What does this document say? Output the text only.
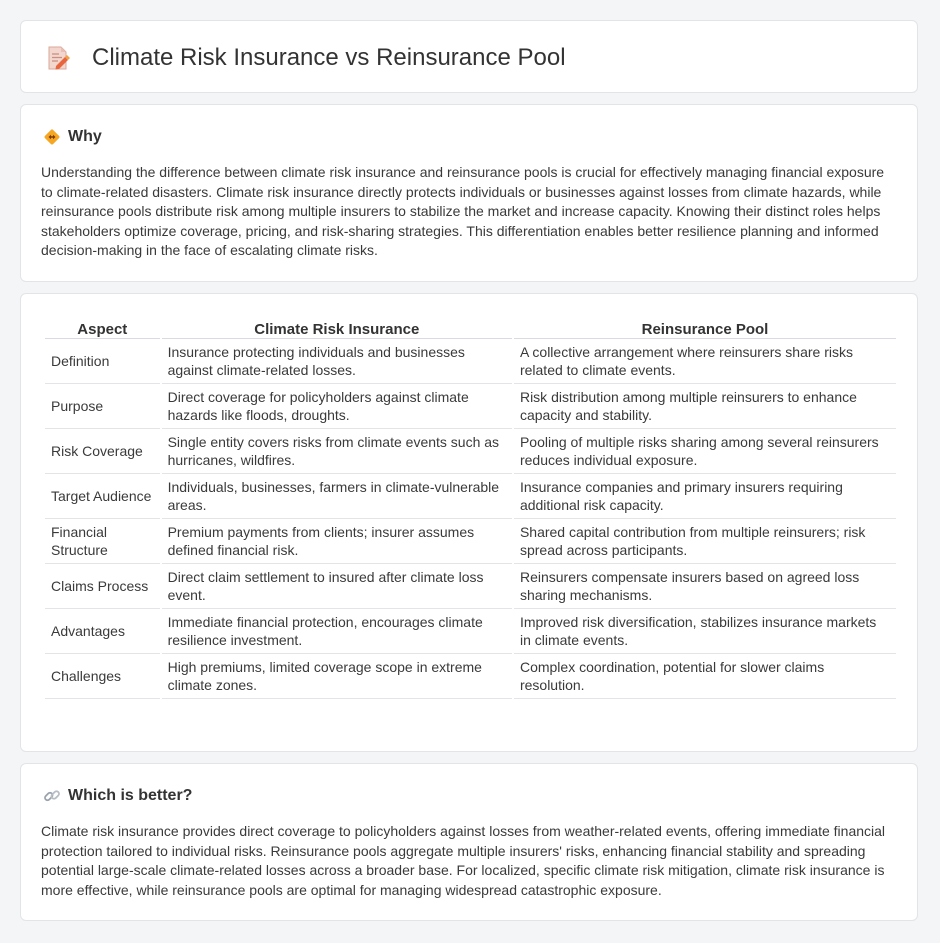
Climate Risk Insurance vs Reinsurance Pool
Why

Understanding the difference between climate risk insurance and reinsurance pools is crucial for effectively managing financial exposure to climate-related disasters. Climate risk insurance directly protects individuals or businesses against losses from climate hazards, while reinsurance pools distribute risk among multiple insurers to stabilize the market and increase capacity. Knowing their distinct roles helps stakeholders optimize coverage, pricing, and risk-sharing strategies. This differentiation enables better resilience planning and informed decision-making in the face of escalating climate risks.

Aspect	Climate Risk Insurance	Reinsurance Pool
Definition	Insurance protecting individuals and businesses against climate-related losses.	A collective arrangement where reinsurers share risks related to climate events.
Purpose	Direct coverage for policyholders against climate hazards like floods, droughts.	Risk distribution among multiple reinsurers to enhance capacity and stability.
Risk Coverage	Single entity covers risks from climate events such as hurricanes, wildfires.	Pooling of multiple risks sharing among several reinsurers reduces individual exposure.
Target Audience	Individuals, businesses, farmers in climate-vulnerable areas.	Insurance companies and primary insurers requiring additional risk capacity.
Financial Structure	Premium payments from clients; insurer assumes defined financial risk.	Shared capital contribution from multiple reinsurers; risk spread across participants.
Claims Process	Direct claim settlement to insured after climate loss event.	Reinsurers compensate insurers based on agreed loss sharing mechanisms.
Advantages	Immediate financial protection, encourages climate resilience investment.	Improved risk diversification, stabilizes insurance markets in climate events.
Challenges	High premiums, limited coverage scope in extreme climate zones.	Complex coordination, potential for slower claims resolution.
Which is better?

Climate risk insurance provides direct coverage to policyholders against losses from weather-related events, offering immediate financial protection tailored to individual risks. Reinsurance pools aggregate multiple insurers' risks, enhancing financial stability and spreading potential large-scale climate-related losses across a broader base. For localized, specific climate risk mitigation, climate risk insurance is more effective, while reinsurance pools are optimal for managing widespread catastrophic exposure.
